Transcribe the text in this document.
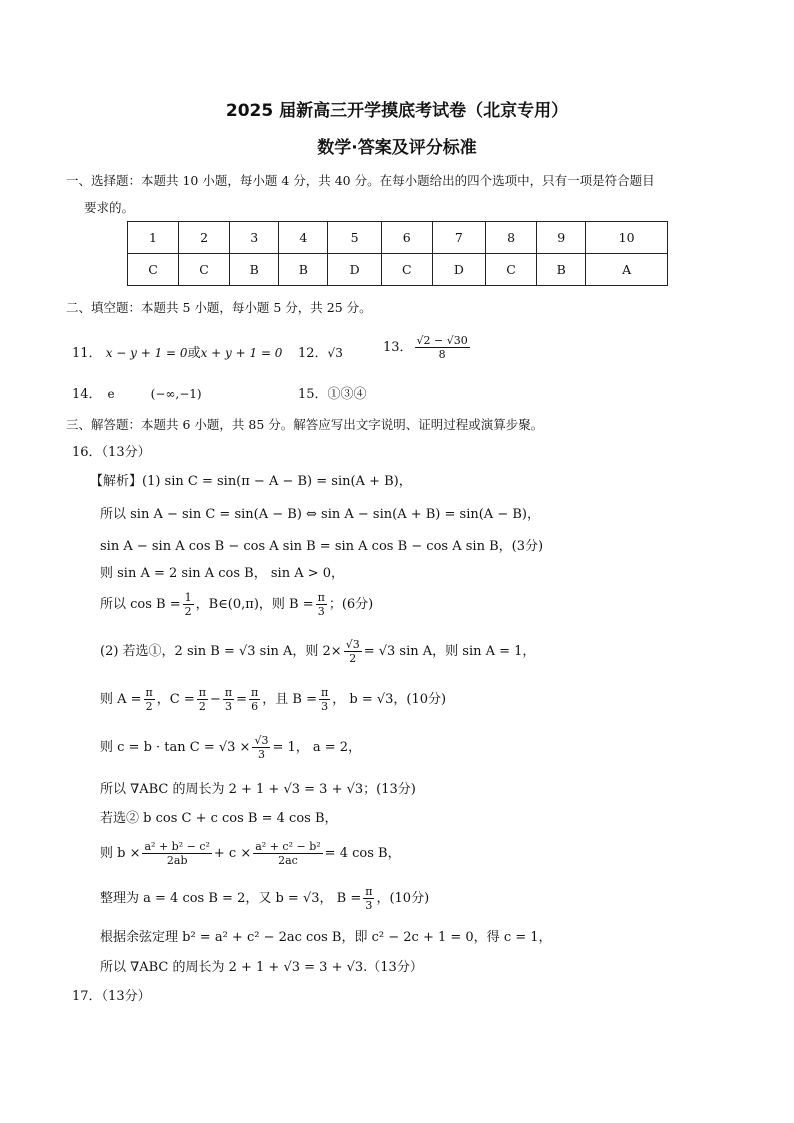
2025 届新高三开学摸底考试卷（北京专用）
数学·答案及评分标准
一、选择题：本题共 10 小题，每小题 4 分，共 40 分。在每小题给出的四个选项中，只有一项是符合题目
要求的。
1	2	3	4	5	6	7	8	9	10
C	C	B	B	D	C	D	C	B	A
二、填空题：本题共 5 小题，每小题 5 分，共 25 分。
11． x − y + 1 = 0或x + y + 1 = 0 12．√3	13． $\frac{√2 - √30}{8}$
14． e	(−∞,−1)	15．①③④
三、解答题：本题共 6 小题，共 85 分。解答应写出文字说明、证明过程或演算步聚。
16．（13分）
【解析】(1) sin C = sin(π − A − B) = sin(A + B)，
所以 sin A − sin C = sin(A − B) ⇔ sin A − sin(A + B) = sin(A − B)，
sin A − sin A cos B − cos A sin B = sin A cos B − cos A sin B，(3分)
则 sin A = 2 sin A cos B， sin A > 0，
所以 $\cos B = \frac{1}{2}$ ，B∈(0,π)，则 $B = \frac{\pi}{3}$ ；(6分)
(2) 若选①，2 sin B = √3 sin A，则 $2\times \frac{√3}{2} = √3$ sin A，则 sin A = 1，
则 $A = \frac{\pi}{2}$ ，$C = \frac{\pi}{2} - \frac{\pi}{3} = \frac{\pi}{6}$ ，且 $B = \frac{\pi}{3}$ ， b = √3，(10分)
则 $c = b \cdot \tan C = √3 \times \frac{√3}{3} = 1$， a = 2，
所以 ∇ABC 的周长为 2 + 1 + √3 = 3 + √3；(13分)
若选② b cos C + c cos B = 4 cos B，
则 $b \times \frac{\text{a² + b² − c²}}{2ab} + c \times \frac{\text{a² + c² − b²}}{2ac} = 4$ cos B，
整理为 a = 4 cos B = 2，又 b = √3， $B = \frac{\pi}{3}$ ，(10分)
根据余弦定理 b² = a² + c² − 2ac cos B，即 c² − 2c + 1 = 0，得 c = 1，
所以 ∇ABC 的周长为 2 + 1 + √3 = 3 + √3.（13分）
17．（13分）
